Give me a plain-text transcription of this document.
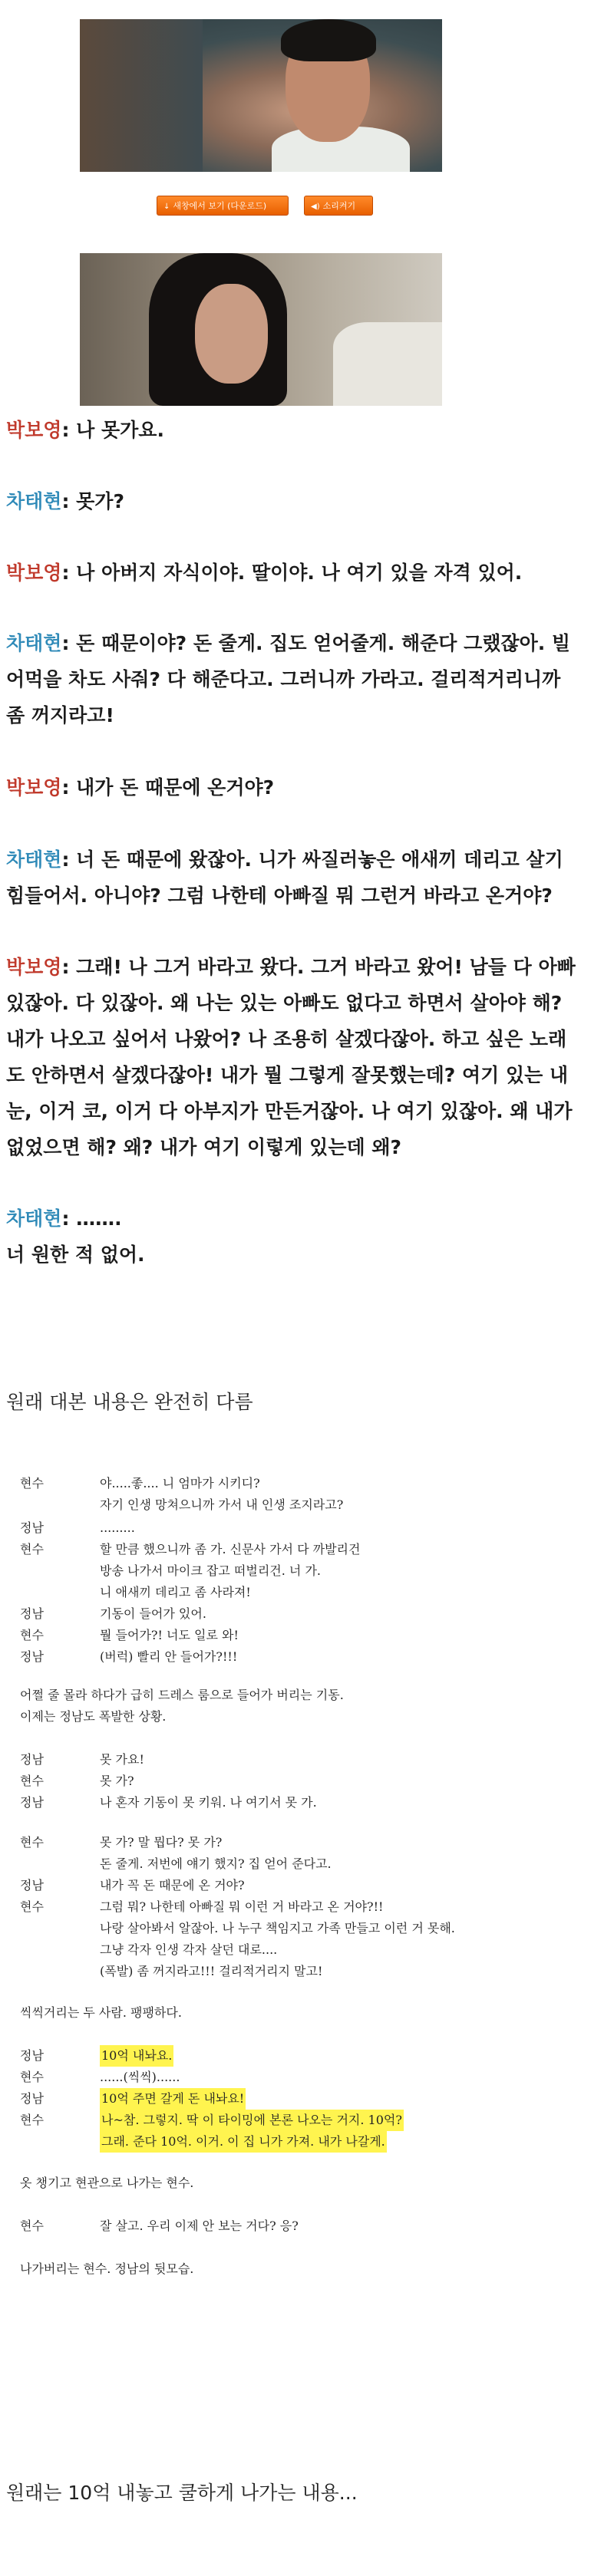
↓ 새창에서 보기 (다운로드)	◀) 소리켜기
박보영: 나 못가요.
차태현: 못가?
박보영: 나 아버지 자식이야. 딸이야. 나 여기 있을 자격 있어.
차태현: 돈 때문이야? 돈 줄게. 집도 얻어줄게. 해준다 그랬잖아. 빌
어먹을 차도 사줘? 다 해준다고. 그러니까 가라고. 걸리적거리니까
좀 꺼지라고!
박보영: 내가 돈 때문에 온거야?
차태현: 너 돈 때문에 왔잖아. 니가 싸질러놓은 애새끼 데리고 살기
힘들어서. 아니야? 그럼 나한테 아빠질 뭐 그런거 바라고 온거야?
박보영: 그래! 나 그거 바라고 왔다. 그거 바라고 왔어! 남들 다 아빠
있잖아. 다 있잖아. 왜 나는 있는 아빠도 없다고 하면서 살아야 해?
내가 나오고 싶어서 나왔어? 나 조용히 살겠다잖아. 하고 싶은 노래
도 안하면서 살겠다잖아! 내가 뭘 그렇게 잘못했는데? 여기 있는 내
눈, 이거 코, 이거 다 아부지가 만든거잖아. 나 여기 있잖아. 왜 내가
없었으면 해? 왜? 내가 여기 이렇게 있는데 왜?
차태현: …….
너 원한 적 없어.
원래 대본 내용은 완전히 다름
현수	야.....좋.... 니 엄마가 시키디?
자기 인생 망쳐으니까 가서 내 인생 조지라고?
정남	.........
현수	할 만큼 했으니까 좀 가. 신문사 가서 다 까발리건
방송 나가서 마이크 잡고 떠벌리건. 너 가.
니 애새끼 데리고 좀 사라져!
정남	기동이 들어가 있어.
현수	뭘 들어가?! 너도 일로 와!
정남	(버럭) 빨리 안 들어가?!!!
어쩔 줄 몰라 하다가 급히 드레스 룸으로 들어가 버리는 기동.
이제는 정남도 폭발한 상황.
정남	못 가요!
현수	못 가?
정남	나 혼자 기동이 못 키워. 나 여기서 못 가.
현수	못 가? 말 뭡다? 못 가?
돈 줄게. 저번에 얘기 했지? 집 얻어 준다고.
정남	내가 꼭 돈 때문에 온 거야?
현수	그럼 뭐? 나한테 아빠질 뭐 이런 거 바라고 온 거야?!!
나랑 살아봐서 알잖아. 나 누구 책임지고 가족 만들고 이런 거 못해.
그냥 각자 인생 각자 살던 대로....
(폭발) 좀 꺼지라고!!! 걸리적거리지 말고!
씩씩거리는 두 사람. 팽팽하다.
정남	10억 내놔요.
현수	......(씩씩)......
정남	10억 주면 갈게 돈 내놔요!
현수	나~참. 그렇지. 딱 이 타이밍에 본론 나오는 거지. 10억?
그래. 준다 10억. 이거. 이 집 니가 가져. 내가 나갈게.
옷 챙기고 현관으로 나가는 현수.
현수	잘 살고. 우리 이제 안 보는 거다? 응?
나가버리는 현수. 정남의 뒷모습.
원래는 10억 내놓고 쿨하게 나가는 내용...
